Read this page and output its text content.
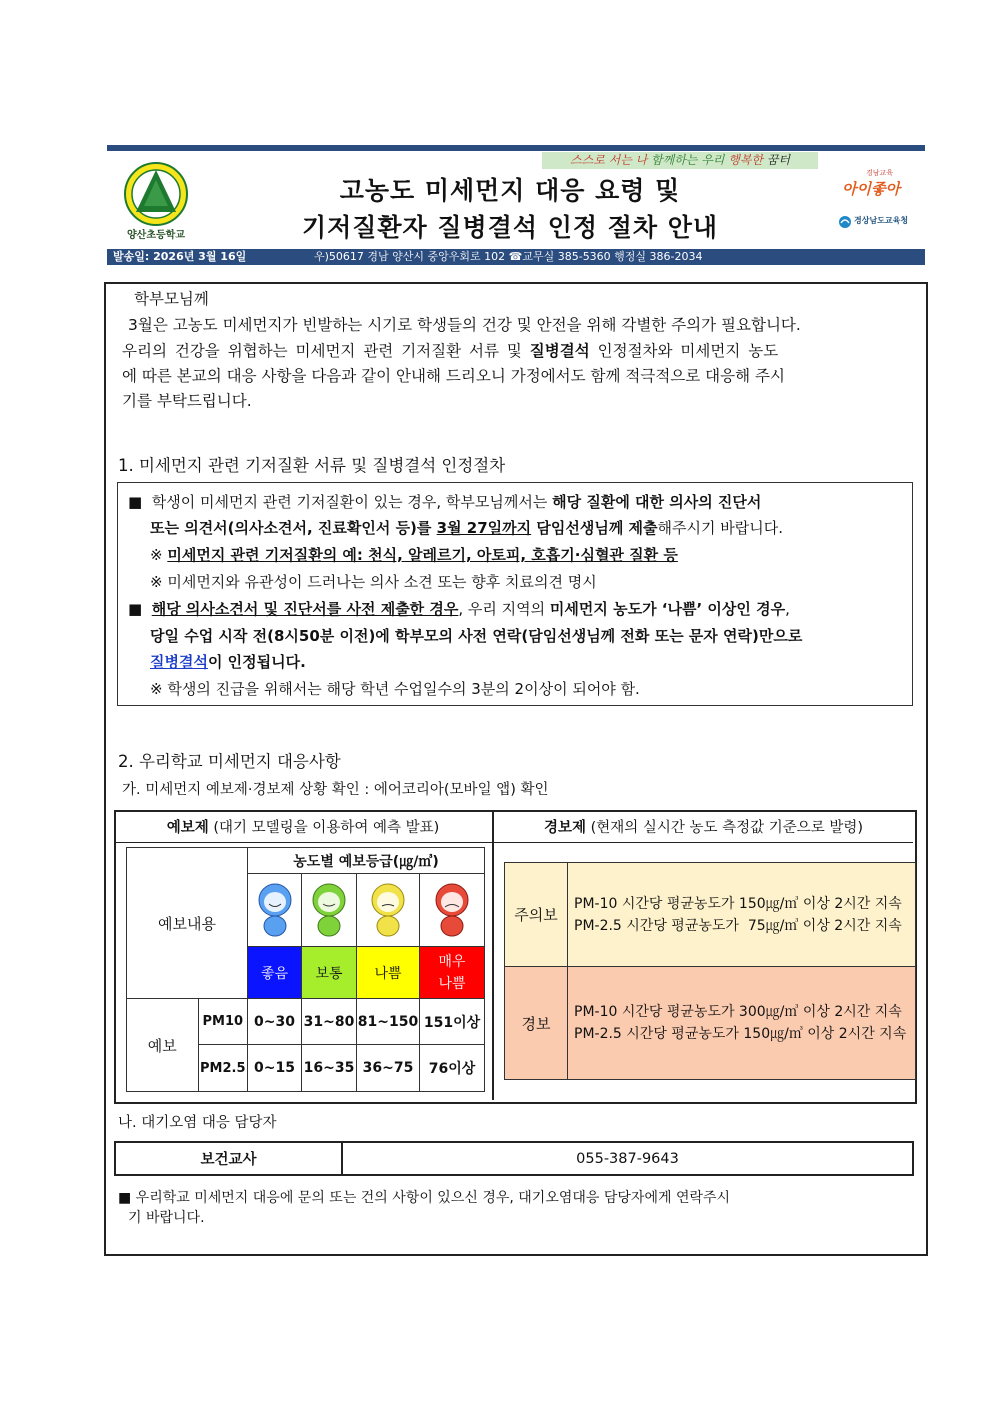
스스로 서는 나 함께하는 우리 행복한 꿈터
양산초등학교
고농도 미세먼지 대응 요령 및
기저질환자 질병결석 인정 절차 안내
경남교육
아이좋아
경상남도교육청
발송일: 2026년 3월 16일	우)50617 경남 양산시 중앙우회로 102 ☎교무실 385-5360 행정실 386-2034
학부모님께
3월은 고농도 미세먼지가 빈발하는 시기로 학생들의 건강 및 안전을 위해 각별한 주의가 필요합니다.
우리의 건강을 위협하는 미세먼지 관련 기저질환 서류 및 질병결석 인정절차와 미세먼지 농도
에 따른 본교의 대응 사항을 다음과 같이 안내해 드리오니 가정에서도 함께 적극적으로 대응해 주시
기를 부탁드립니다.
1. 미세먼지 관련 기저질환 서류 및 질병결석 인정절차
■ 학생이 미세먼지 관련 기저질환이 있는 경우, 학부모님께서는 해당 질환에 대한 의사의 진단서
또는 의견서(의사소견서, 진료확인서 등)를 3월 27일까지 담임선생님께 제출해주시기 바랍니다.
※ 미세먼지 관련 기저질환의 예: 천식, 알레르기, 아토피, 호흡기·심혈관 질환 등
※ 미세먼지와 유관성이 드러나는 의사 소견 또는 향후 치료의견 명시
■ 해당 의사소견서 및 진단서를 사전 제출한 경우, 우리 지역의 미세먼지 농도가 ‘나쁨’ 이상인 경우,
당일 수업 시작 전(8시50분 이전)에 학부모의 사전 연락(담임선생님께 전화 또는 문자 연락)만으로
질병결석이 인정됩니다.
※ 학생의 진급을 위해서는 해당 학년 수업일수의 3분의 2이상이 되어야 함.
2. 우리학교 미세먼지 대응사항
가. 미세먼지 예보제·경보제 상황 확인 : 에어코리아(모바일 앱) 확인
예보제 (대기 모델링을 이용하여 예측 발표)	경보제 (현재의 실시간 농도 측정값 기준으로 발령)
예보내용		농도별 예보등급(㎍/㎥)			

		좋음	보통	나쁨	매우
나쁨
예보	PM10	0~30	31~80	81~150	151이상
	PM2.5	0~15	16~35	36~75	76이상
주의보	PM-10 시간당 평균농도가 150㎍/㎥ 이상 2시간 지속
PM-2.5 시간당 평균농도가  75㎍/㎥ 이상 2시간 지속

경보	PM-10 시간당 평균농도가 300㎍/㎥ 이상 2시간 지속
PM-2.5 시간당 평균농도가 150㎍/㎥ 이상 2시간 지속
나. 대기오염 대응 담당자
보건교사	055-387-9643
■ 우리학교 미세먼지 대응에 문의 또는 건의 사항이 있으신 경우, 대기오염대응 담당자에게 연락주시
기 바랍니다.
